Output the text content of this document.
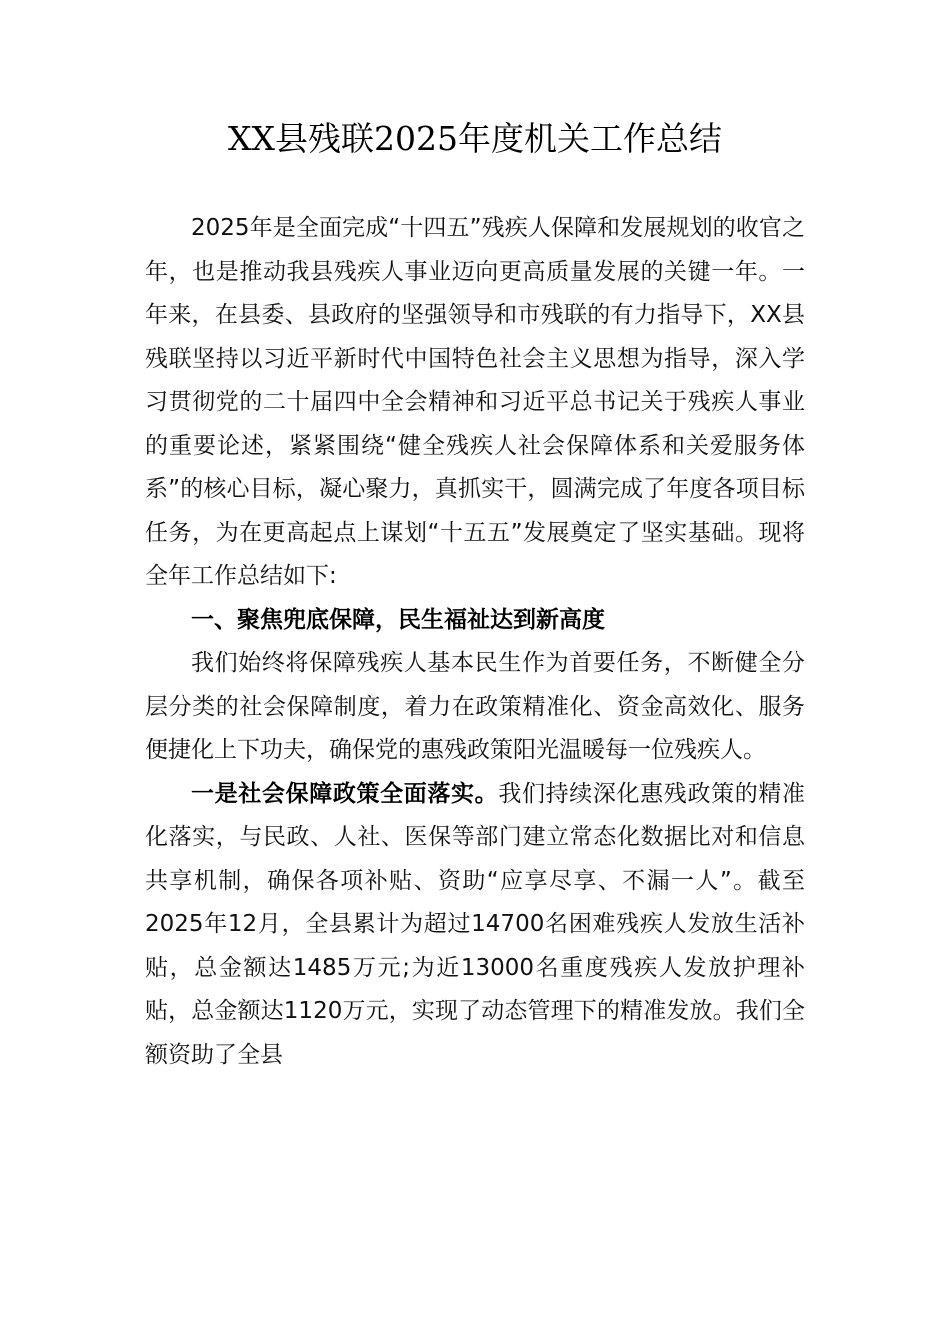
XX县残联2025年度机关工作总结

2025年是全面完成“十四五”残疾人保障和发展规划的收官之年，也是推动我县残疾人事业迈向更高质量发展的关键一年。一年来，在县委、县政府的坚强领导和市残联的有力指导下，XX县残联坚持以习近平新时代中国特色社会主义思想为指导，深入学习贯彻党的二十届四中全会精神和习近平总书记关于残疾人事业的重要论述，紧紧围绕“健全残疾人社会保障体系和关爱服务体系”的核心目标，凝心聚力，真抓实干，圆满完成了年度各项目标任务，为在更高起点上谋划“十五五”发展奠定了坚实基础。现将全年工作总结如下:

一、聚焦兜底保障，民生福祉达到新高度

我们始终将保障残疾人基本民生作为首要任务，不断健全分层分类的社会保障制度，着力在政策精准化、资金高效化、服务便捷化上下功夫，确保党的惠残政策阳光温暖每一位残疾人。

一是社会保障政策全面落实。我们持续深化惠残政策的精准化落实，与民政、人社、医保等部门建立常态化数据比对和信息共享机制，确保各项补贴、资助“应享尽享、不漏一人”。截至2025年12月，全县累计为超过14700名困难残疾人发放生活补贴，总金额达1485万元;为近13000名重度残疾人发放护理补贴，总金额达1120万元，实现了动态管理下的精准发放。我们全额资助了全县
